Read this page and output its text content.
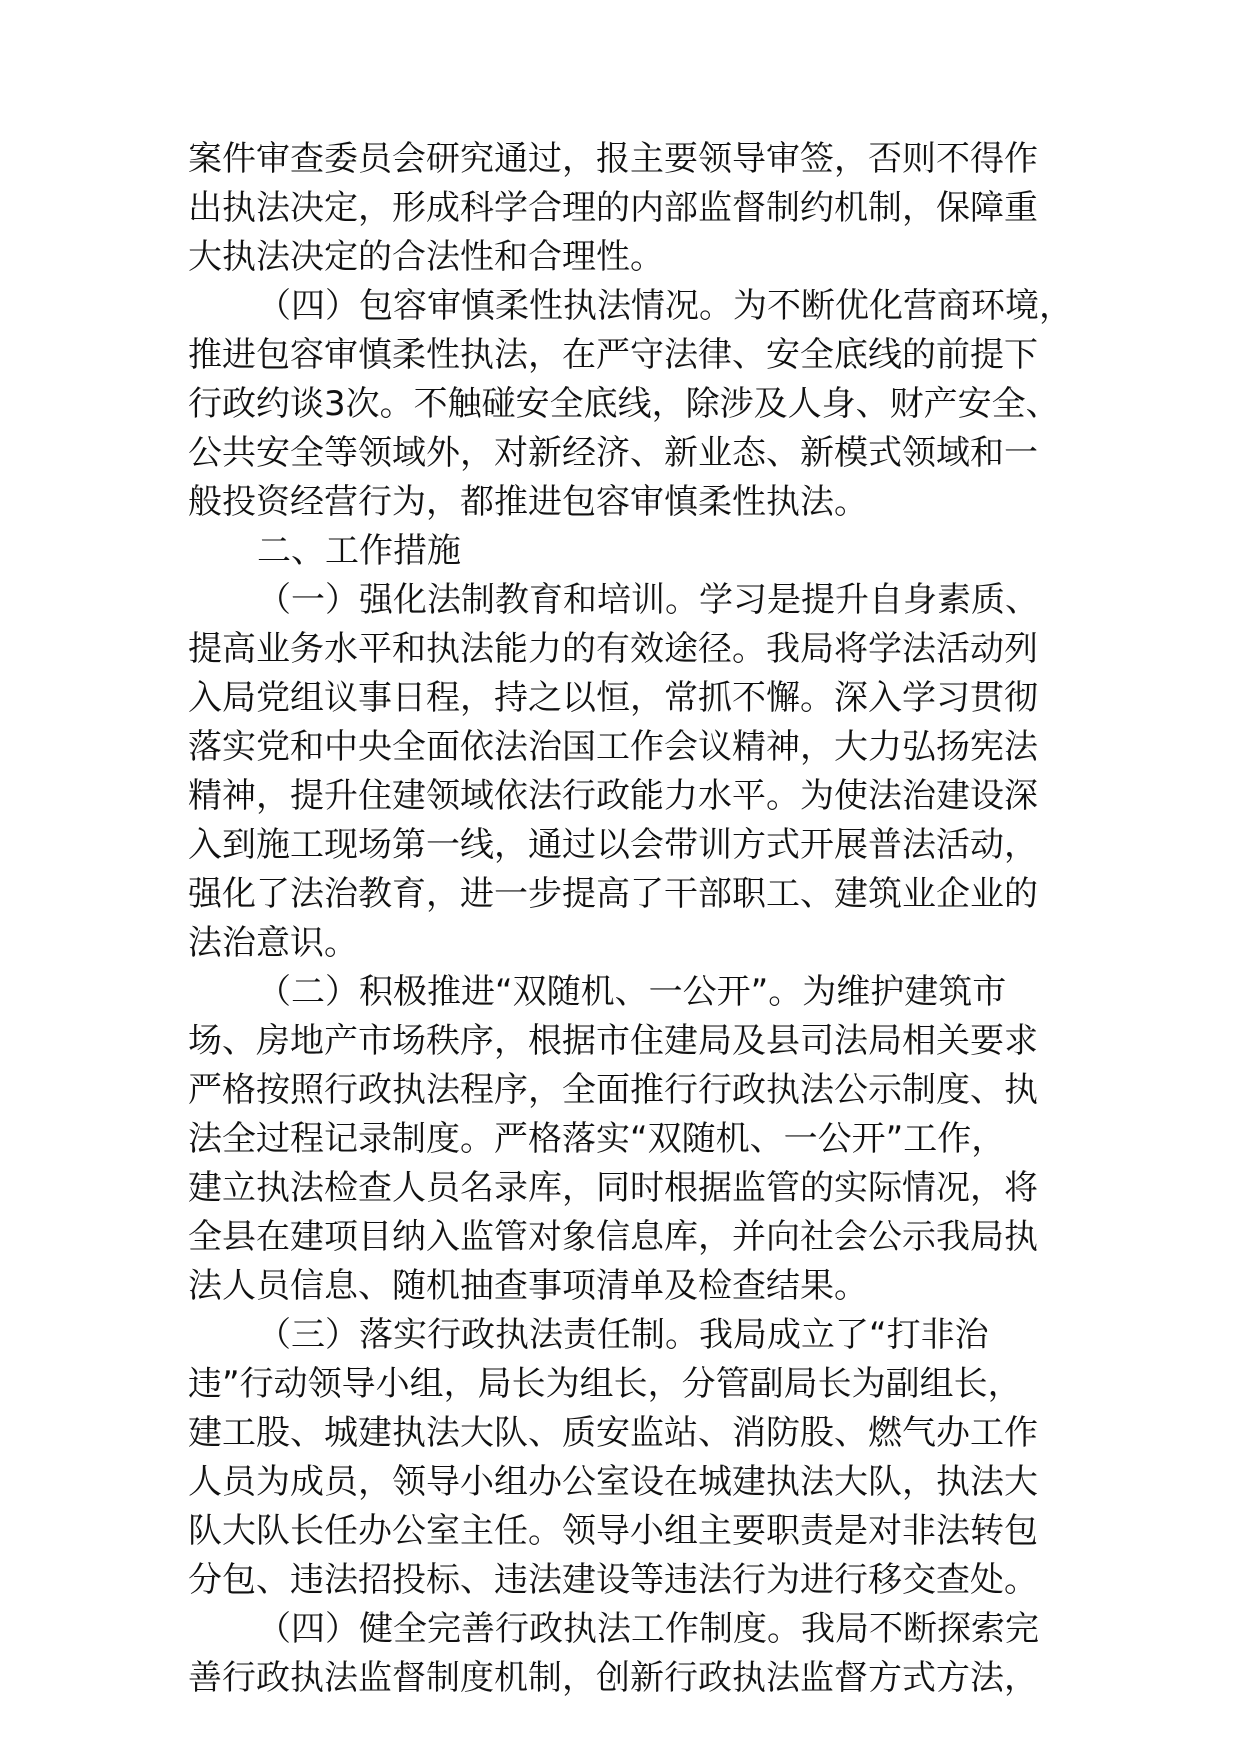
案件审查委员会研究通过，报主要领导审签，否则不得作
出执法决定，形成科学合理的内部监督制约机制，保障重
大执法决定的合法性和合理性。
（四）包容审慎柔性执法情况。为不断优化营商环境，
推进包容审慎柔性执法，在严守法律、安全底线的前提下
行政约谈3次。不触碰安全底线，除涉及人身、财产安全、
公共安全等领域外，对新经济、新业态、新模式领域和一
般投资经营行为，都推进包容审慎柔性执法。
二、工作措施
（一）强化法制教育和培训。学习是提升自身素质、
提高业务水平和执法能力的有效途径。我局将学法活动列
入局党组议事日程，持之以恒，常抓不懈。深入学习贯彻
落实党和中央全面依法治国工作会议精神，大力弘扬宪法
精神，提升住建领域依法行政能力水平。为使法治建设深
入到施工现场第一线，通过以会带训方式开展普法活动，
强化了法治教育，进一步提高了干部职工、建筑业企业的
法治意识。
（二）积极推进“双随机、一公开”。为维护建筑市
场、房地产市场秩序，根据市住建局及县司法局相关要求
严格按照行政执法程序，全面推行行政执法公示制度、执
法全过程记录制度。严格落实“双随机、一公开”工作，
建立执法检查人员名录库，同时根据监管的实际情况，将
全县在建项目纳入监管对象信息库，并向社会公示我局执
法人员信息、随机抽查事项清单及检查结果。
（三）落实行政执法责任制。我局成立了“打非治
违”行动领导小组，局长为组长，分管副局长为副组长，
建工股、城建执法大队、质安监站、消防股、燃气办工作
人员为成员，领导小组办公室设在城建执法大队，执法大
队大队长任办公室主任。领导小组主要职责是对非法转包
分包、违法招投标、违法建设等违法行为进行移交查处。
（四）健全完善行政执法工作制度。我局不断探索完
善行政执法监督制度机制，创新行政执法监督方式方法，
